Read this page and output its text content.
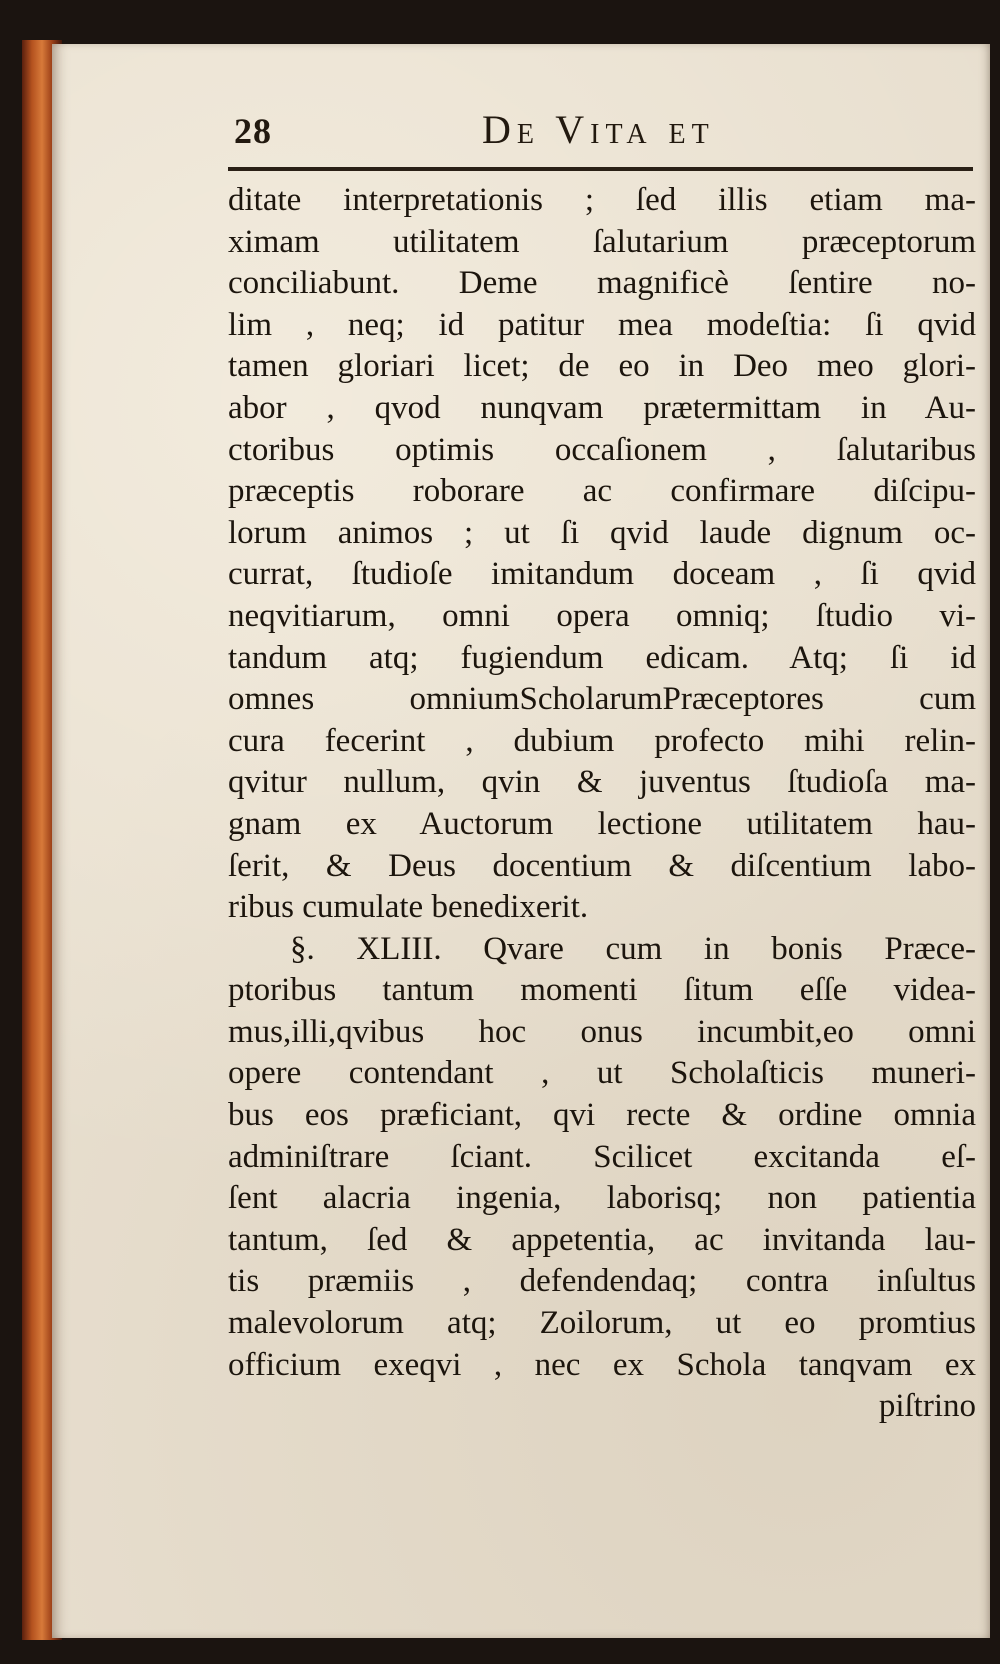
28	De Vita et
ditate interpretationis ; ſed illis etiam ma-
ximam utilitatem ſalutarium præceptorum
conciliabunt. Deme magnificè ſentire no-
lim , neq; id patitur mea modeſtia: ſi qvid
tamen gloriari licet; de eo in Deo meo glori-
abor , qvod nunqvam prætermittam in Au-
ctoribus optimis occaſionem , ſalutaribus
præceptis roborare ac confirmare diſcipu-
lorum animos ; ut ſi qvid laude dignum oc-
currat, ſtudioſe imitandum doceam , ſi qvid
neqvitiarum, omni opera omniq; ſtudio vi-
tandum atq; fugiendum edicam. Atq; ſi id
omnes omniumScholarumPræceptores cum
cura fecerint , dubium profecto mihi relin-
qvitur nullum, qvin & juventus ſtudioſa ma-
gnam ex Auctorum lectione utilitatem hau-
ſerit, & Deus docentium & diſcentium labo-
ribus cumulate benedixerit.
§. XLIII. Qvare cum in bonis Præce-
ptoribus tantum momenti ſitum eſſe videa-
mus,illi,qvibus hoc onus incumbit,eo omni
opere contendant , ut Scholaſticis muneri-
bus eos præficiant, qvi recte & ordine omnia
adminiſtrare ſciant. Scilicet excitanda eſ-
ſent alacria ingenia, laborisq; non patientia
tantum, ſed & appetentia, ac invitanda lau-
tis præmiis , defendendaq; contra inſultus
malevolorum atq; Zoilorum, ut eo promtius
officium exeqvi , nec ex Schola tanqvam ex
piſtrino
